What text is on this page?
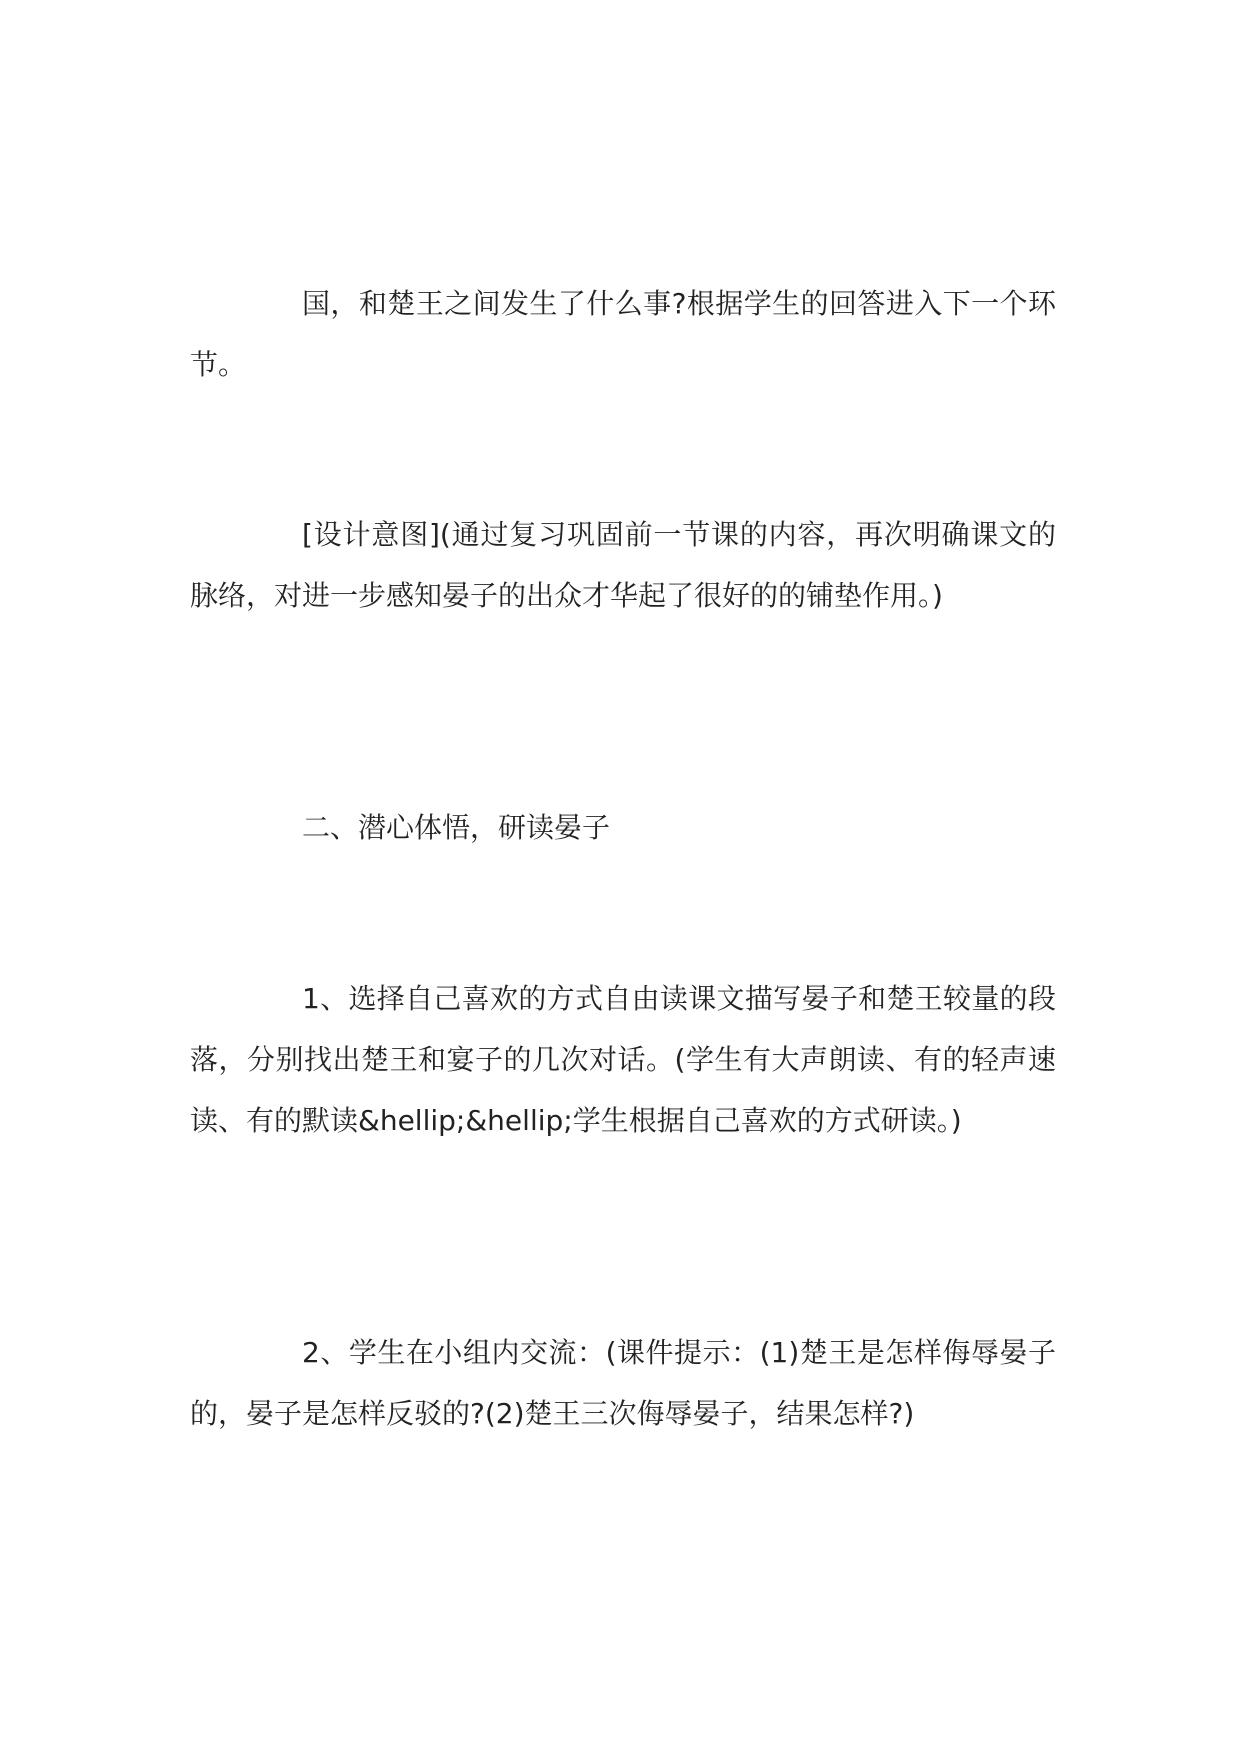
国，和楚王之间发生了什么事?根据学生的回答进入下一个环节。

[设计意图](通过复习巩固前一节课的内容，再次明确课文的脉络，对进一步感知晏子的出众才华起了很好的的铺垫作用。)

二、潜心体悟，研读晏子

1、选择自己喜欢的方式自由读课文描写晏子和楚王较量的段落，分别找出楚王和宴子的几次对话。(学生有大声朗读、有的轻声速读、有的默读&hellip;&hellip;学生根据自己喜欢的方式研读。)

2、学生在小组内交流：(课件提示：(1)楚王是怎样侮辱晏子的，晏子是怎样反驳的?(2)楚王三次侮辱晏子，结果怎样?)
